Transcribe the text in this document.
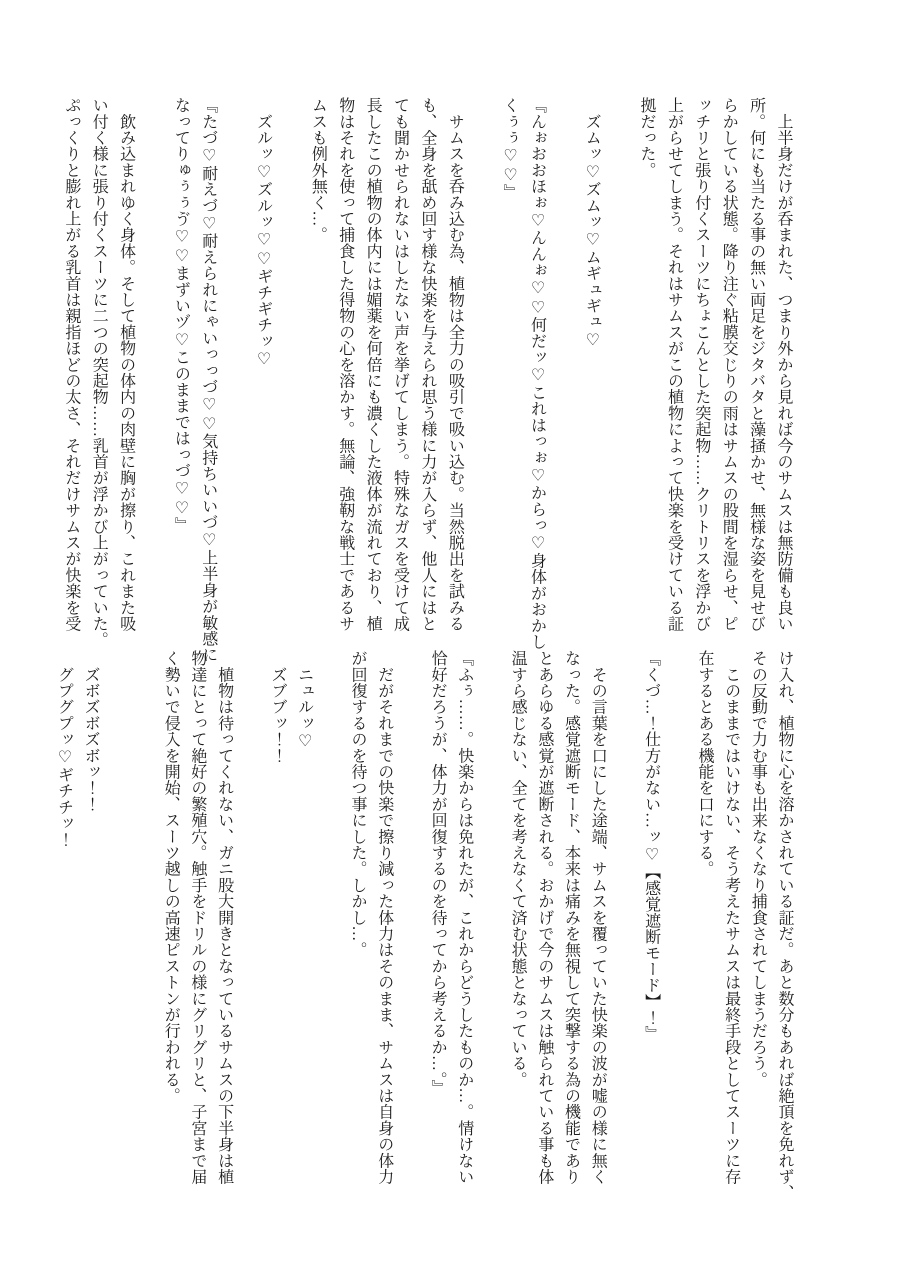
　上半身だけが呑まれた、つまり外から見れば今のサムスは無防備も良い
所。何にも当たる事の無い両足をジタバタと藻掻かせ、無様な姿を見せび
らかしている状態。降り注ぐ粘膜交じりの雨はサムスの股間を湿らせ、ピ
ッチリと張り付くスーツにちょこんとした突起物……クリトリスを浮かび
上がらせてしまう。それはサムスがこの植物によって快楽を受けている証
拠だった。
　ズムッ♡ズムッ♡ムギュギュ♡
『んぉおおほぉ♡んんぉ♡♡何だッ♡これはっぉ♡からっ♡身体がおかし
くぅぅ♡♡』
　サムスを呑み込む為、植物は全力の吸引で吸い込む。当然脱出を試みる
も、全身を舐め回す様な快楽を与えられ思う様に力が入らず、他人にはと
ても聞かせられないはしたない声を挙げてしまう。特殊なガスを受けて成
長したこの植物の体内には媚薬を何倍にも濃くした液体が流れており、植
物はそれを使って捕食した得物の心を溶かす。無論、強靭な戦士であるサ
ムスも例外無く…。
　ズルッ♡ズルッ♡♡ギチギチッ♡
『たづ♡耐えづ♡耐えられにゃいっっづ♡♡気持ちいいづ♡上半身が敏感に
なってりゅぅぅゔ♡♡まずいヅ♡このままではっづ♡♡』
　飲み込まれゆく身体。そして植物の体内の肉壁に胸が擦り、これまた吸
い付く様に張り付くスーツに二つの突起物……乳首が浮かび上がっていた。
ぷっくりと膨れ上がる乳首は親指ほどの太さ、それだけサムスが快楽を受
け入れ、植物に心を溶かされている証だ。あと数分もあれば絶頂を免れず、
その反動で力む事も出来なくなり捕食されてしまうだろう。
　このままではいけない、そう考えたサムスは最終手段としてスーツに存
在するとある機能を口にする。
『くづ…！仕方がない…ッ♡【感覚遮断モード】！』
　その言葉を口にした途端、サムスを覆っていた快楽の波が嘘の様に無く
なった。感覚遮断モード、本来は痛みを無視して突撃する為の機能であり
とあらゆる感覚が遮断される。おかげで今のサムスは触られている事も体
温すら感じない、全てを考えなくて済む状態となっている。
『ふぅ……。快楽からは免れたが、これからどうしたものか…。情けない
恰好だろうが、体力が回復するのを待ってから考えるか…。』
　だがそれまでの快楽で擦り減った体力はそのまま、サムスは自身の体力
が回復するのを待つ事にした。しかし…。
　ニュルッ♡
　ズブブッ！！
　植物は待ってくれない、ガニ股大開きとなっているサムスの下半身は植
物達にとって絶好の繁殖穴。触手をドリルの様にグリグリと、子宮まで届
く勢いで侵入を開始、スーツ越しの高速ピストンが行われる。
　ズボズボズボッ！！
　グプグプッ♡ギチチッ！
